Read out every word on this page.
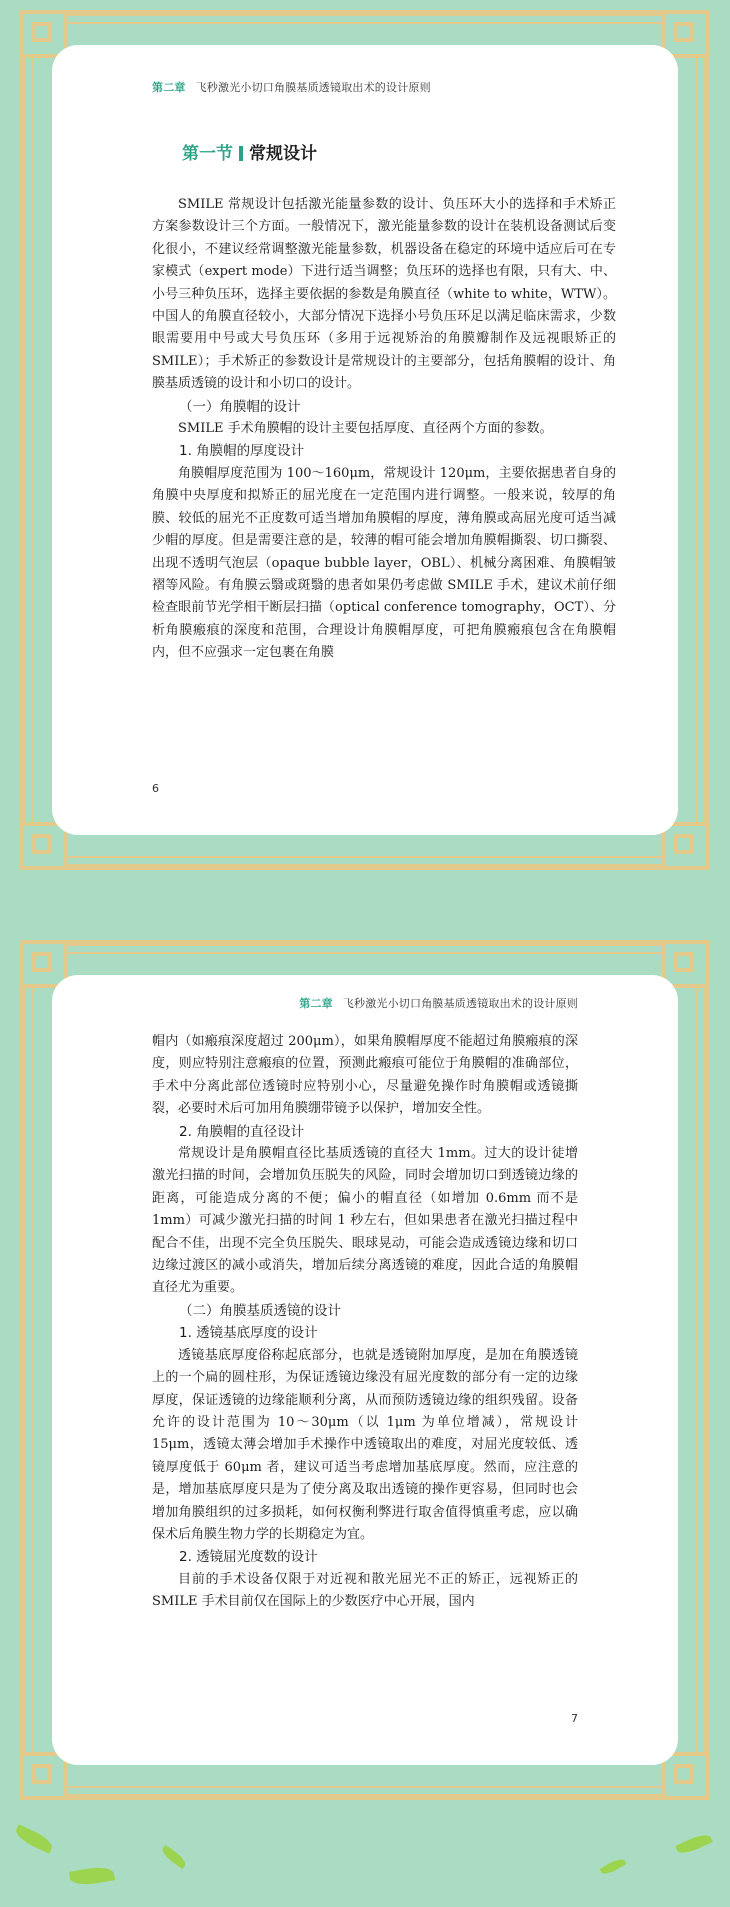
第二章 飞秒激光小切口角膜基质透镜取出术的设计原则
第一节 常规设计

SMILE 常规设计包括激光能量参数的设计、负压环大小的选择和手术矫正方案参数设计三个方面。一般情况下，激光能量参数的设计在装机设备测试后变化很小，不建议经常调整激光能量参数，机器设备在稳定的环境中适应后可在专家模式（expert mode）下进行适当调整；负压环的选择也有限，只有大、中、小号三种负压环，选择主要依据的参数是角膜直径（white to white，WTW）。中国人的角膜直径较小，大部分情况下选择小号负压环足以满足临床需求，少数眼需要用中号或大号负压环（多用于远视矫治的角膜瓣制作及远视眼矫正的 SMILE）；手术矫正的参数设计是常规设计的主要部分，包括角膜帽的设计、角膜基质透镜的设计和小切口的设计。

（一）角膜帽的设计

SMILE 手术角膜帽的设计主要包括厚度、直径两个方面的参数。

1. 角膜帽的厚度设计

角膜帽厚度范围为 100～160μm，常规设计 120μm，主要依据患者自身的角膜中央厚度和拟矫正的屈光度在一定范围内进行调整。一般来说，较厚的角膜、较低的屈光不正度数可适当增加角膜帽的厚度，薄角膜或高屈光度可适当减少帽的厚度。但是需要注意的是，较薄的帽可能会增加角膜帽撕裂、切口撕裂、出现不透明气泡层（opaque bubble layer，OBL）、机械分离困难、角膜帽皱褶等风险。有角膜云翳或斑翳的患者如果仍考虑做 SMILE 手术，建议术前仔细检查眼前节光学相干断层扫描（optical conference tomography，OCT）、分析角膜瘢痕的深度和范围，合理设计角膜帽厚度，可把角膜瘢痕包含在角膜帽内，但不应强求一定包裹在角膜

6
第二章 飞秒激光小切口角膜基质透镜取出术的设计原则

帽内（如瘢痕深度超过 200μm），如果角膜帽厚度不能超过角膜瘢痕的深度，则应特别注意瘢痕的位置，预测此瘢痕可能位于角膜帽的准确部位，手术中分离此部位透镜时应特别小心，尽量避免操作时角膜帽或透镜撕裂，必要时术后可加用角膜绷带镜予以保护，增加安全性。

2. 角膜帽的直径设计

常规设计是角膜帽直径比基质透镜的直径大 1mm。过大的设计徒增激光扫描的时间，会增加负压脱失的风险，同时会增加切口到透镜边缘的距离，可能造成分离的不便；偏小的帽直径（如增加 0.6mm 而不是 1mm）可减少激光扫描的时间 1 秒左右，但如果患者在激光扫描过程中配合不佳，出现不完全负压脱失、眼球晃动，可能会造成透镜边缘和切口边缘过渡区的减小或消失，增加后续分离透镜的难度，因此合适的角膜帽直径尤为重要。

（二）角膜基质透镜的设计
1. 透镜基底厚度的设计

透镜基底厚度俗称起底部分，也就是透镜附加厚度，是加在角膜透镜上的一个扁的圆柱形，为保证透镜边缘没有屈光度数的部分有一定的边缘厚度，保证透镜的边缘能顺利分离，从而预防透镜边缘的组织残留。设备允许的设计范围为 10～30μm（以 1μm 为单位增减），常规设计 15μm，透镜太薄会增加手术操作中透镜取出的难度，对屈光度较低、透镜厚度低于 60μm 者，建议可适当考虑增加基底厚度。然而，应注意的是，增加基底厚度只是为了使分离及取出透镜的操作更容易，但同时也会增加角膜组织的过多损耗，如何权衡利弊进行取舍值得慎重考虑，应以确保术后角膜生物力学的长期稳定为宜。

2. 透镜屈光度数的设计

目前的手术设备仅限于对近视和散光屈光不正的矫正，远视矫正的 SMILE 手术目前仅在国际上的少数医疗中心开展，国内

7
